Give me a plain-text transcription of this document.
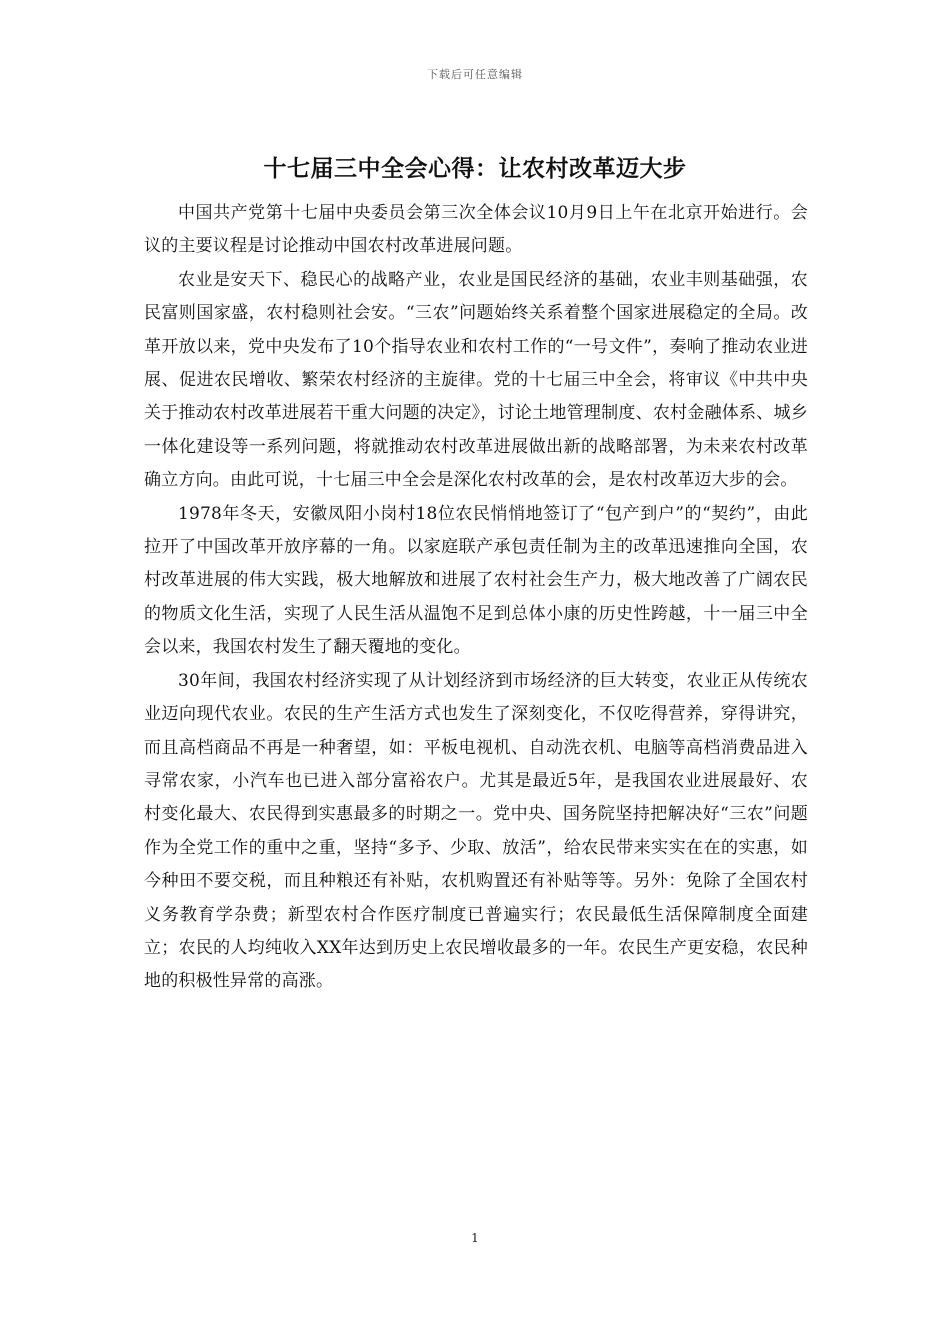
下载后可任意编辑
十七届三中全会心得：让农村改革迈大步

中国共产党第十七届中央委员会第三次全体会议10月9日上午在北京开始进行。会议的主要议程是讨论推动中国农村改革进展问题。

农业是安天下、稳民心的战略产业，农业是国民经济的基础，农业丰则基础强，农民富则国家盛，农村稳则社会安。“三农”问题始终关系着整个国家进展稳定的全局。改革开放以来，党中央发布了10个指导农业和农村工作的“一号文件”，奏响了推动农业进展、促进农民增收、繁荣农村经济的主旋律。党的十七届三中全会，将审议《中共中央关于推动农村改革进展若干重大问题的决定》，讨论土地管理制度、农村金融体系、城乡一体化建设等一系列问题，将就推动农村改革进展做出新的战略部署，为未来农村改革确立方向。由此可说，十七届三中全会是深化农村改革的会，是农村改革迈大步的会。

1978年冬天，安徽凤阳小岗村18位农民悄悄地签订了“包产到户”的“契约”，由此拉开了中国改革开放序幕的一角。以家庭联产承包责任制为主的改革迅速推向全国，农村改革进展的伟大实践，极大地解放和进展了农村社会生产力，极大地改善了广阔农民的物质文化生活，实现了人民生活从温饱不足到总体小康的历史性跨越，十一届三中全会以来，我国农村发生了翻天覆地的变化。

30年间，我国农村经济实现了从计划经济到市场经济的巨大转变，农业正从传统农业迈向现代农业。农民的生产生活方式也发生了深刻变化，不仅吃得营养，穿得讲究，而且高档商品不再是一种奢望，如：平板电视机、自动洗衣机、电脑等高档消费品进入寻常农家，小汽车也已进入部分富裕农户。尤其是最近5年，是我国农业进展最好、农村变化最大、农民得到实惠最多的时期之一。党中央、国务院坚持把解决好“三农”问题作为全党工作的重中之重，坚持“多予、少取、放活”，给农民带来实实在在的实惠，如今种田不要交税，而且种粮还有补贴，农机购置还有补贴等等。另外：免除了全国农村义务教育学杂费；新型农村合作医疗制度已普遍实行；农民最低生活保障制度全面建立；农民的人均纯收入XX年达到历史上农民增收最多的一年。农民生产更安稳，农民种地的积极性异常的高涨。

1
